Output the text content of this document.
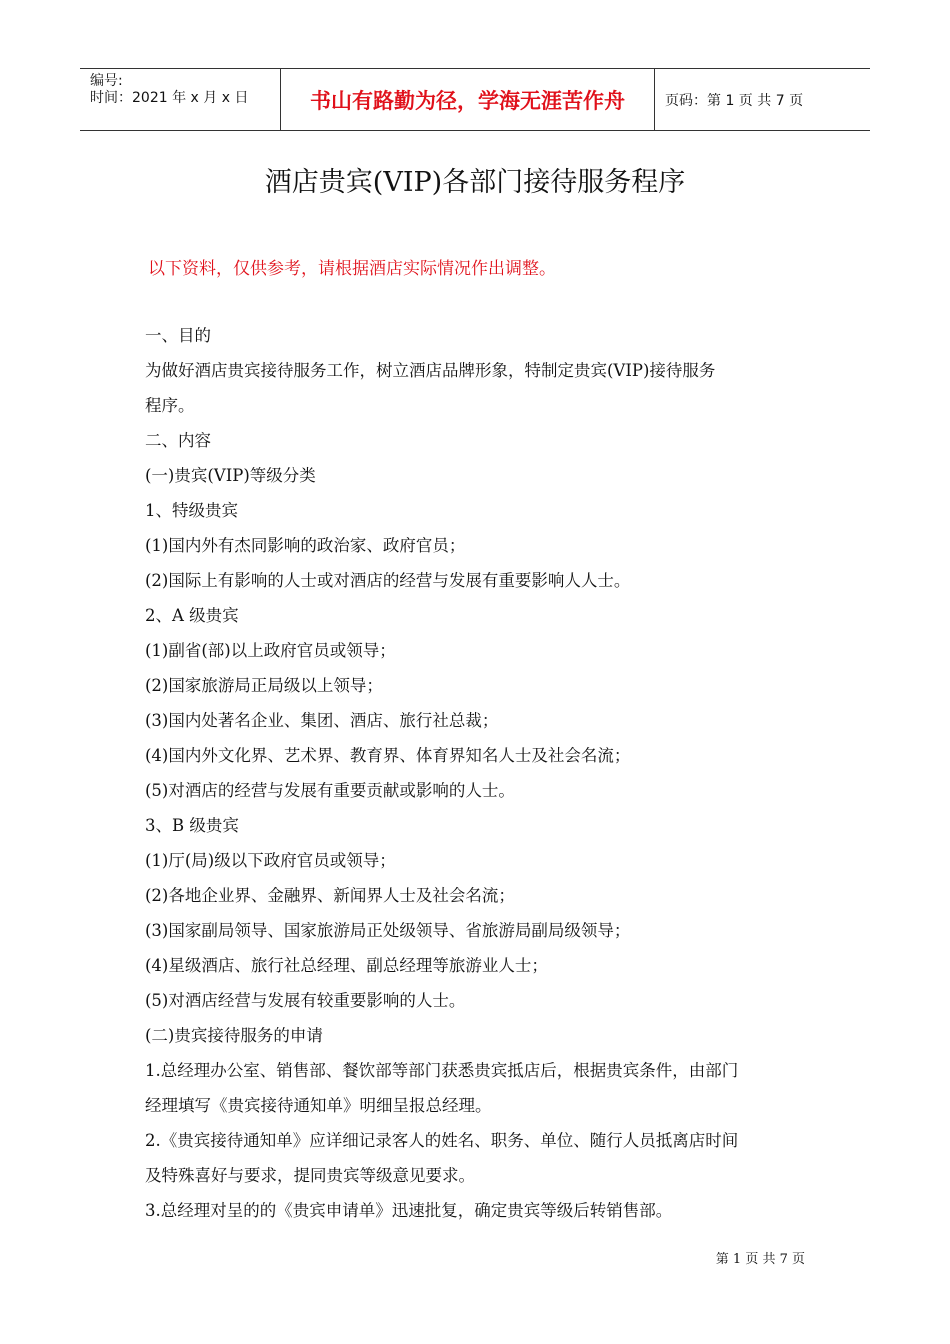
编号:
时间：2021 年 x 月 x 日	书山有路勤为径，学海无涯苦作舟	页码：第 1 页 共 7 页
酒店贵宾(VIP)各部门接待服务程序
以下资料，仅供参考，请根据酒店实际情况作出调整。
一、目的
为做好酒店贵宾接待服务工作，树立酒店品牌形象，特制定贵宾(VIP)接待服务
程序。
二、内容
(一)贵宾(VIP)等级分类
1、特级贵宾
(1)国内外有杰同影响的政治家、政府官员；
(2)国际上有影响的人士或对酒店的经营与发展有重要影响人人士。
2、A 级贵宾
(1)副省(部)以上政府官员或领导；
(2)国家旅游局正局级以上领导；
(3)国内处著名企业、集团、酒店、旅行社总裁；
(4)国内外文化界、艺术界、教育界、体育界知名人士及社会名流；
(5)对酒店的经营与发展有重要贡献或影响的人士。
3、B 级贵宾
(1)厅(局)级以下政府官员或领导；
(2)各地企业界、金融界、新闻界人士及社会名流；
(3)国家副局领导、国家旅游局正处级领导、省旅游局副局级领导；
(4)星级酒店、旅行社总经理、副总经理等旅游业人士；
(5)对酒店经营与发展有较重要影响的人士。
(二)贵宾接待服务的申请
1.总经理办公室、销售部、餐饮部等部门获悉贵宾抵店后，根据贵宾条件，由部门
经理填写《贵宾接待通知单》明细呈报总经理。
2.《贵宾接待通知单》应详细记录客人的姓名、职务、单位、随行人员抵离店时间
及特殊喜好与要求，提同贵宾等级意见要求。
3.总经理对呈的的《贵宾申请单》迅速批复，确定贵宾等级后转销售部。
第 1 页 共 7 页
